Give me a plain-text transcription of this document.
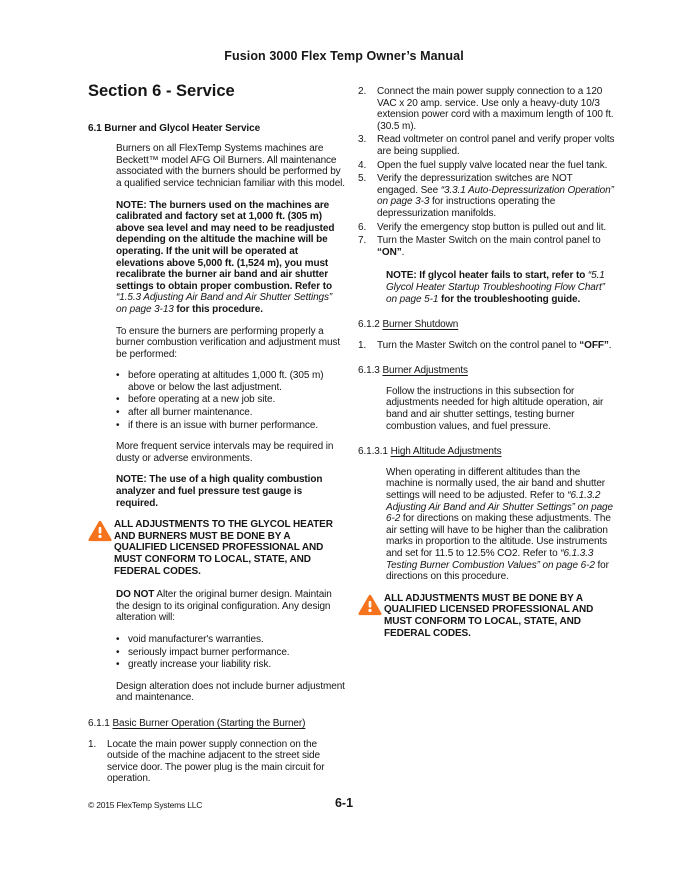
Fusion 3000 Flex Temp Owner’s Manual
Section 6 - Service
6.1 Burner and Glycol Heater Service

Burners on all FlexTemp Systems machines are Beckett™ model AFG Oil Burners. All maintenance associated with the burners should be performed by a qualified service technician familiar with this model.

NOTE: The burners used on the machines are calibrated and factory set at 1,000 ft. (305 m) above sea level and may need to be readjusted depending on the altitude the machine will be operating. If the unit will be operated at elevations above 5,000 ft. (1,524 m), you must recalibrate the burner air band and air shutter settings to obtain proper combustion. Refer to “1.5.3 Adjusting Air Band and Air Shutter Settings” on page 3-13 for this procedure.

To ensure the burners are performing properly a burner combustion verification and adjustment must be performed:

• before operating at altitudes 1,000 ft. (305 m) above or below the last adjustment.
• before operating at a new job site.
• after all burner maintenance.
• if there is an issue with burner performance.

More frequent service intervals may be required in dusty or adverse environments.

NOTE: The use of a high quality combustion analyzer and fuel pressure test gauge is required.

ALL ADJUSTMENTS TO THE GLYCOL HEATER AND BURNERS MUST BE DONE BY A QUALIFIED LICENSED PROFESSIONAL AND MUST CONFORM TO LOCAL, STATE, AND FEDERAL CODES.

DO NOT Alter the original burner design. Maintain the design to its original configuration. Any design alteration will:

• void manufacturer's warranties.
• seriously impact burner performance.
• greatly increase your liability risk.

Design alteration does not include burner adjustment and maintenance.

6.1.1 Basic Burner Operation (Starting the Burner)
1.	Locate the main power supply connection on the outside of the machine adjacent to the street side service door. The power plug is the main circuit for operation.
2.	Connect the main power supply connection to a 120 VAC x 20 amp. service. Use only a heavy-duty 10/3 extension power cord with a maximum length of 100 ft. (30.5 m).
3.	Read voltmeter on control panel and verify proper volts are being supplied.
4.	Open the fuel supply valve located near the fuel tank.
5.	Verify the depressurization switches are NOT engaged. See “3.3.1 Auto-Depressurization Operation” on page 3-3 for instructions operating the depressurization manifolds.
6.	Verify the emergency stop button is pulled out and lit.
7.	Turn the Master Switch on the main control panel to “ON”.

NOTE: If glycol heater fails to start, refer to “5.1 Glycol Heater Startup Troubleshooting Flow Chart” on page 5-1 for the troubleshooting guide.

6.1.2 Burner Shutdown
1.	Turn the Master Switch on the control panel to “OFF”.
6.1.3 Burner Adjustments

Follow the instructions in this subsection for adjustments needed for high altitude operation, air band and air shutter settings, testing burner combustion values, and fuel pressure.

6.1.3.1 High Altitude Adjustments

When operating in different altitudes than the machine is normally used, the air band and shutter settings will need to be adjusted. Refer to “6.1.3.2 Adjusting Air Band and Air Shutter Settings” on page 6-2 for directions on making these adjustments. The air setting will have to be higher than the calibration marks in proportion to the altitude. Use instruments and set for 11.5 to 12.5% CO2. Refer to “6.1.3.3 Testing Burner Combustion Values” on page 6-2 for directions on this procedure.

ALL ADJUSTMENTS MUST BE DONE BY A QUALIFIED LICENSED PROFESSIONAL AND MUST CONFORM TO LOCAL, STATE, AND FEDERAL CODES.

© 2015 FlexTemp Systems LLC	6-1
